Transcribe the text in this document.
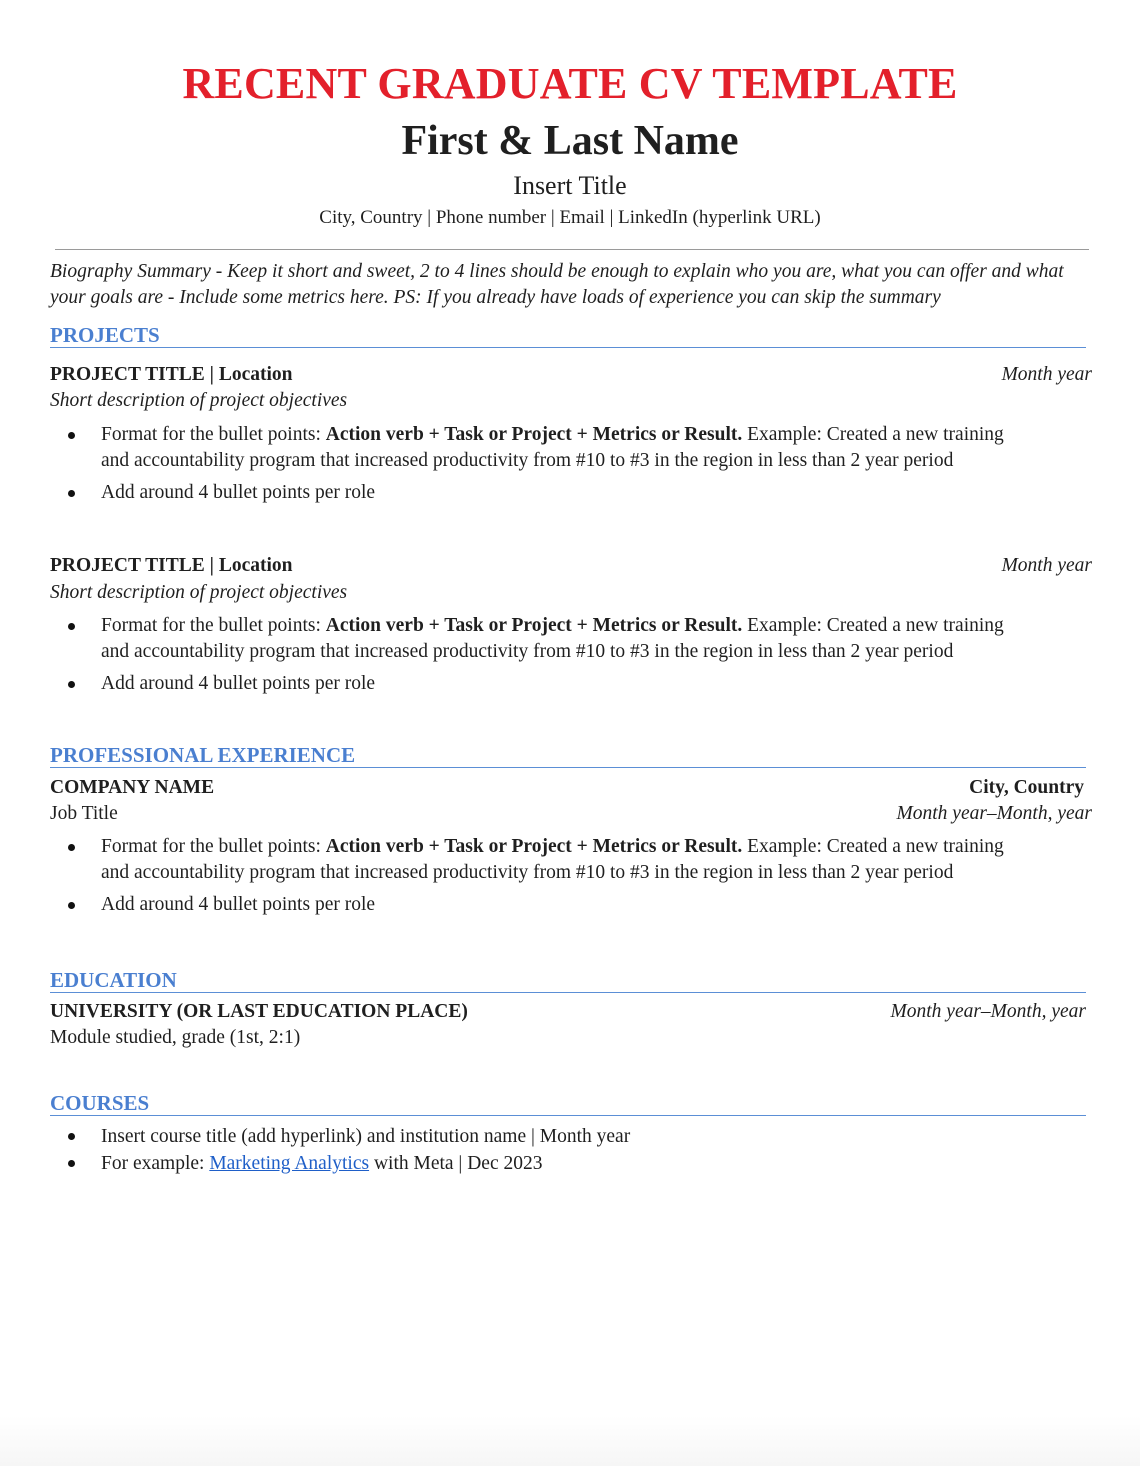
RECENT GRADUATE CV TEMPLATE
First & Last Name
Insert Title
City, Country | Phone number | Email | LinkedIn (hyperlink URL)
Biography Summary - Keep it short and sweet, 2 to 4 lines should be enough to explain who you are, what you can offer and what your goals are - Include some metrics here. PS: If you already have loads of experience you can skip the summary
PROJECTS
PROJECT TITLE | Location	Month year
Short description of project objectives
Format for the bullet points: Action verb + Task or Project + Metrics or Result. Example: Created a new training and accountability program that increased productivity from #10 to #3 in the region in less than 2 year period
Add around 4 bullet points per role
PROJECT TITLE | Location	Month year
Short description of project objectives
Format for the bullet points: Action verb + Task or Project + Metrics or Result. Example: Created a new training and accountability program that increased productivity from #10 to #3 in the region in less than 2 year period
Add around 4 bullet points per role
PROFESSIONAL EXPERIENCE
COMPANY NAME	City, Country
Job Title	Month year–Month, year
Format for the bullet points: Action verb + Task or Project + Metrics or Result. Example: Created a new training and accountability program that increased productivity from #10 to #3 in the region in less than 2 year period
Add around 4 bullet points per role
EDUCATION
UNIVERSITY (OR LAST EDUCATION PLACE)	Month year–Month, year
Module studied, grade (1st, 2:1)
COURSES
Insert course title (add hyperlink) and institution name | Month year
For example: Marketing Analytics with Meta | Dec 2023
